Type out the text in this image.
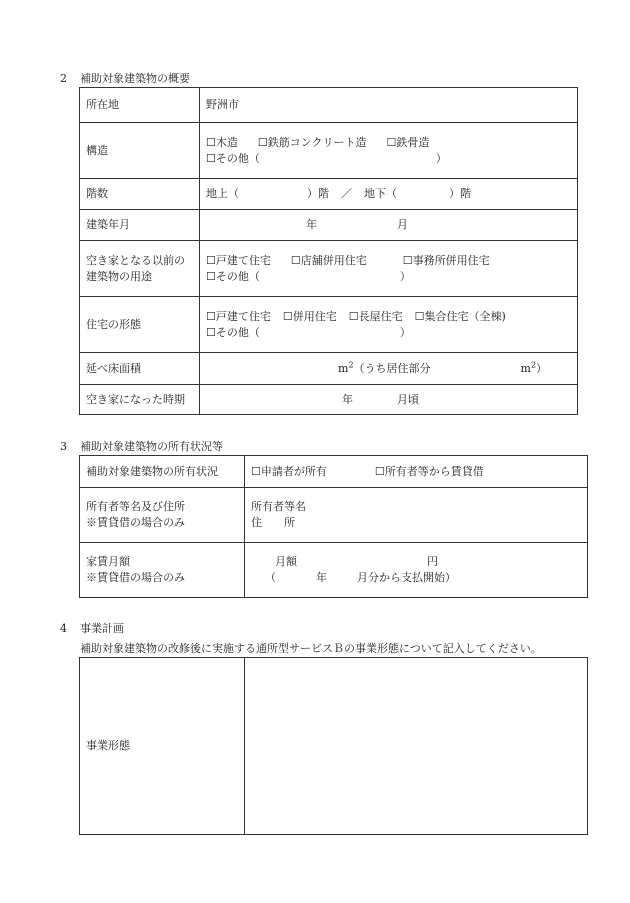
2 補助対象建築物の概要
所在地	野洲市
構造	☐木造 ☐鉄筋コンクリート造 ☐鉄骨造
☐その他（ ）

階数	地上（ ）階 ／ 地下（ ）階
建築年月	年 月

空き家となる以前の
建築物の用途	☐戸建て住宅 ☐店舗併用住宅 ☐事務所併用住宅
☐その他（ ）

住宅の形態	☐戸建て住宅 ☐併用住宅 ☐長屋住宅 ☐集合住宅（全棟)
☐その他（ ）

延べ床面積	$m^2$（うち居住部分 $m^2$）
空き家になった時期	年 月頃
3 補助対象建築物の所有状況等
補助対象建築物の所有状況	☐申請者が所有 ☐所有者等から賃貸借

所有者等名及び住所
※賃貸借の場合のみ	所有者等名
住　　所

家賃月額
※賃貸借の場合のみ	月額 円
（ 年 月分から支払開始）
4 事業計画
補助対象建築物の改修後に実施する通所型サービスＢの事業形態について記入してください。
事業形態	
